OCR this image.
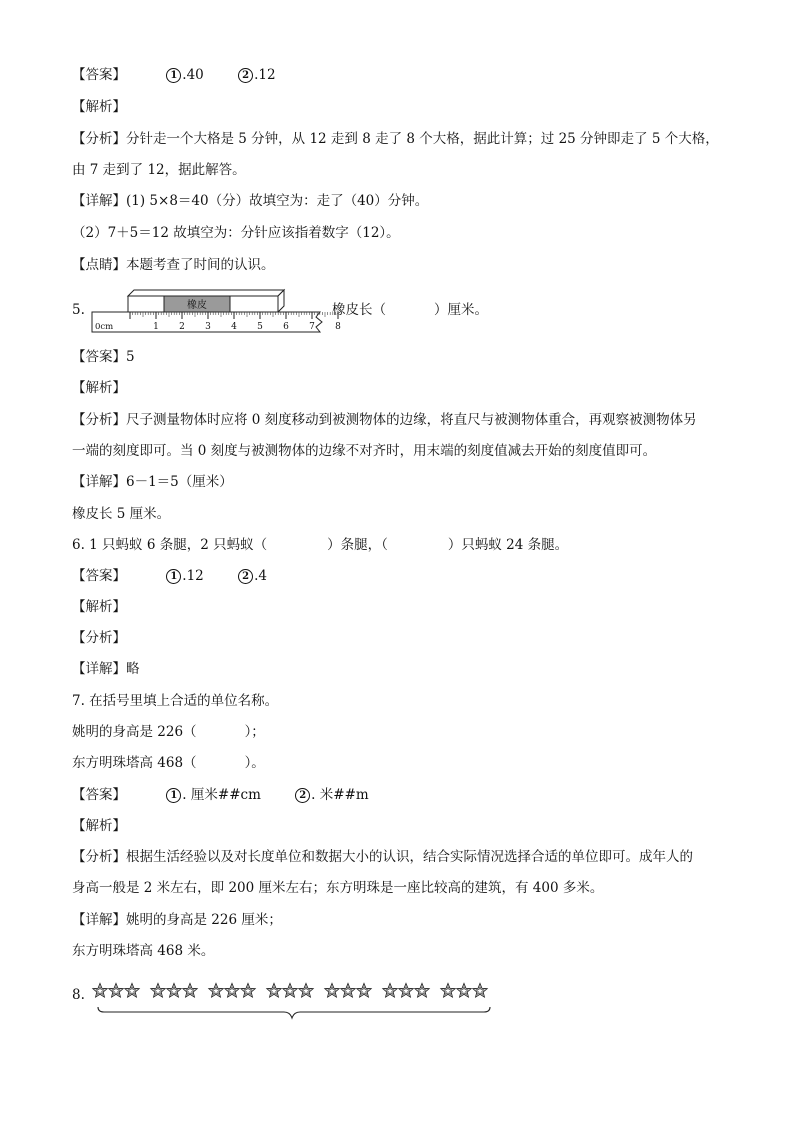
【答案】	1 .40	2 .12
【解析】
【分析】分针走一个大格是 5 分钟，从 12 走到 8 走了 8 个大格，据此计算；过 25 分钟即走了 5 个大格，
由 7 走到了 12，据此解答。
【详解】(1) 5×8＝40（分）故填空为：走了（40）分钟。
（2）7＋5＝12 故填空为：分针应该指着数字（12）。
【点睛】本题考查了时间的认识。
5.	橡皮
0cm	1 2 3 4 5 6 7 8
橡皮长（	）厘米。
【答案】5
【解析】
【分析】尺子测量物体时应将 0 刻度移动到被测物体的边缘，将直尺与被测物体重合，再观察被测物体另
一端的刻度即可。当 0 刻度与被测物体的边缘不对齐时，用末端的刻度值减去开始的刻度值即可。
【详解】6－1＝5（厘米）
橡皮长 5 厘米。
6. 1 只蚂蚁 6 条腿，2 只蚂蚁（	）条腿，（	）只蚂蚁 24 条腿。
【答案】	1 .12	2 .4
【解析】
【分析】
【详解】略
7. 在括号里填上合适的单位名称。
姚明的身高是 226（	）；
东方明珠塔高 468（	）。
【答案】	1 . 厘米##cm	2 . 米##m
【解析】
【分析】根据生活经验以及对长度单位和数据大小的认识，结合实际情况选择合适的单位即可。成年人的
身高一般是 2 米左右，即 200 厘米左右；东方明珠是一座比较高的建筑，有 400 多米。
【详解】姚明的身高是 226 厘米；
东方明珠塔高 468 米。
8.
